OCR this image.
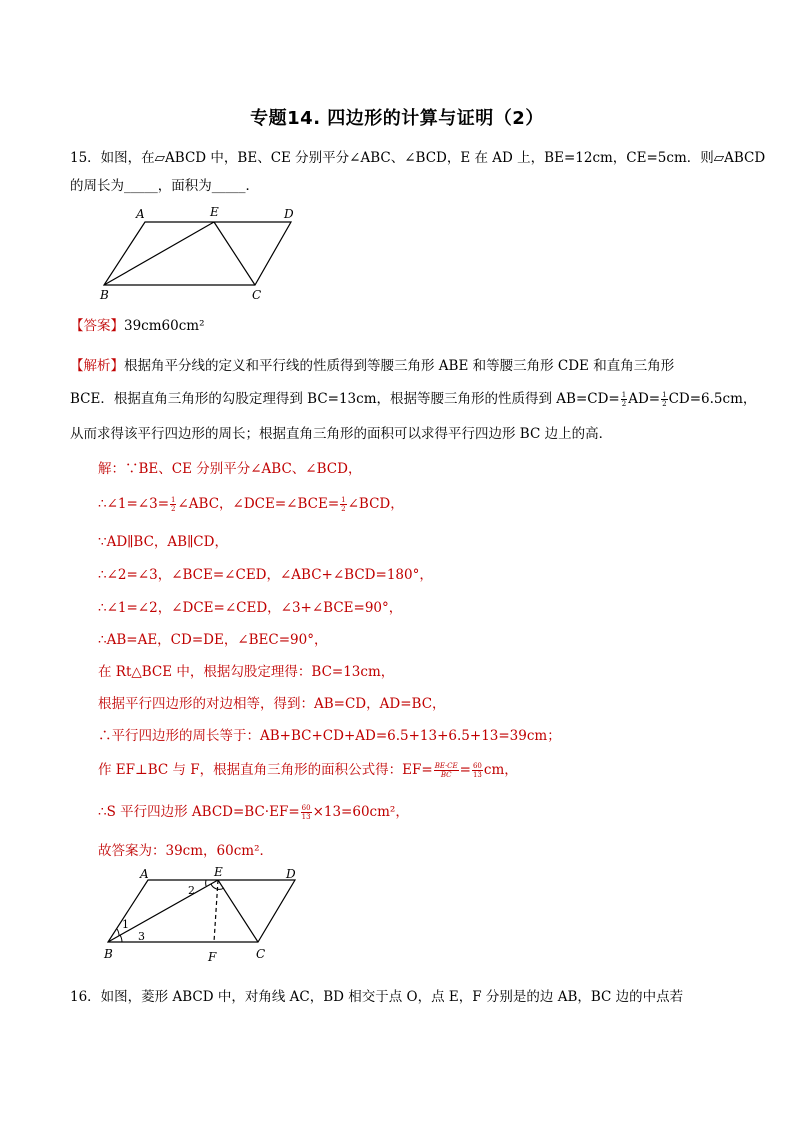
专题14. 四边形的计算与证明（2）
15．如图，在▱ABCD 中，BE、CE 分别平分∠ABC、∠BCD，E 在 AD 上，BE=12cm，CE=5cm．则▱ABCD
的周长为_____，面积为_____．
A	E	D
B	C
【答案】39cm60cm²
【解析】根据角平分线的定义和平行线的性质得到等腰三角形 ABE 和等腰三角形 CDE 和直角三角形
BCE．根据直角三角形的勾股定理得到 BC=13cm，根据等腰三角形的性质得到 $AB=CD= \frac{1}{2} AD= \frac{1}{2} CD=6.5cm$，
从而求得该平行四边形的周长；根据直角三角形的面积可以求得平行四边形 BC 边上的高．
解：∵BE、CE 分别平分∠ABC、∠BCD，
∴∠1=∠3= $\frac{1}{2}$ ∠ABC，∠DCE=∠BCE= $\frac{1}{2}$ ∠BCD，
∵AD∥BC，AB∥CD，
∴∠2=∠3，∠BCE=∠CED，∠ABC+∠BCD=180°，
∴∠1=∠2，∠DCE=∠CED，∠3+∠BCE=90°，
∴AB=AE，CD=DE，∠BEC=90°，
在 Rt△BCE 中，根据勾股定理得：BC=13cm，
根据平行四边形的对边相等，得到：AB=CD，AD=BC，
∴平行四边形的周长等于：AB+BC+CD+AD=6.5+13+6.5+13=39cm；
作 EF⊥BC 与 F，根据直角三角形的面积公式得：$EF= \frac{BE\cdot CE}{BC} = \frac{60}{13}$ cm，
∴S 平行四边形 ABCD=BC·EF= $\frac{60}{13} \times 13=60cm^2$，
故答案为：39cm，60cm²．
A	E	D
B	C
F
1
2
3
16．如图，菱形 ABCD 中，对角线 AC，BD 相交于点 O，点 E，F 分别是的边 AB，BC 边的中点若
